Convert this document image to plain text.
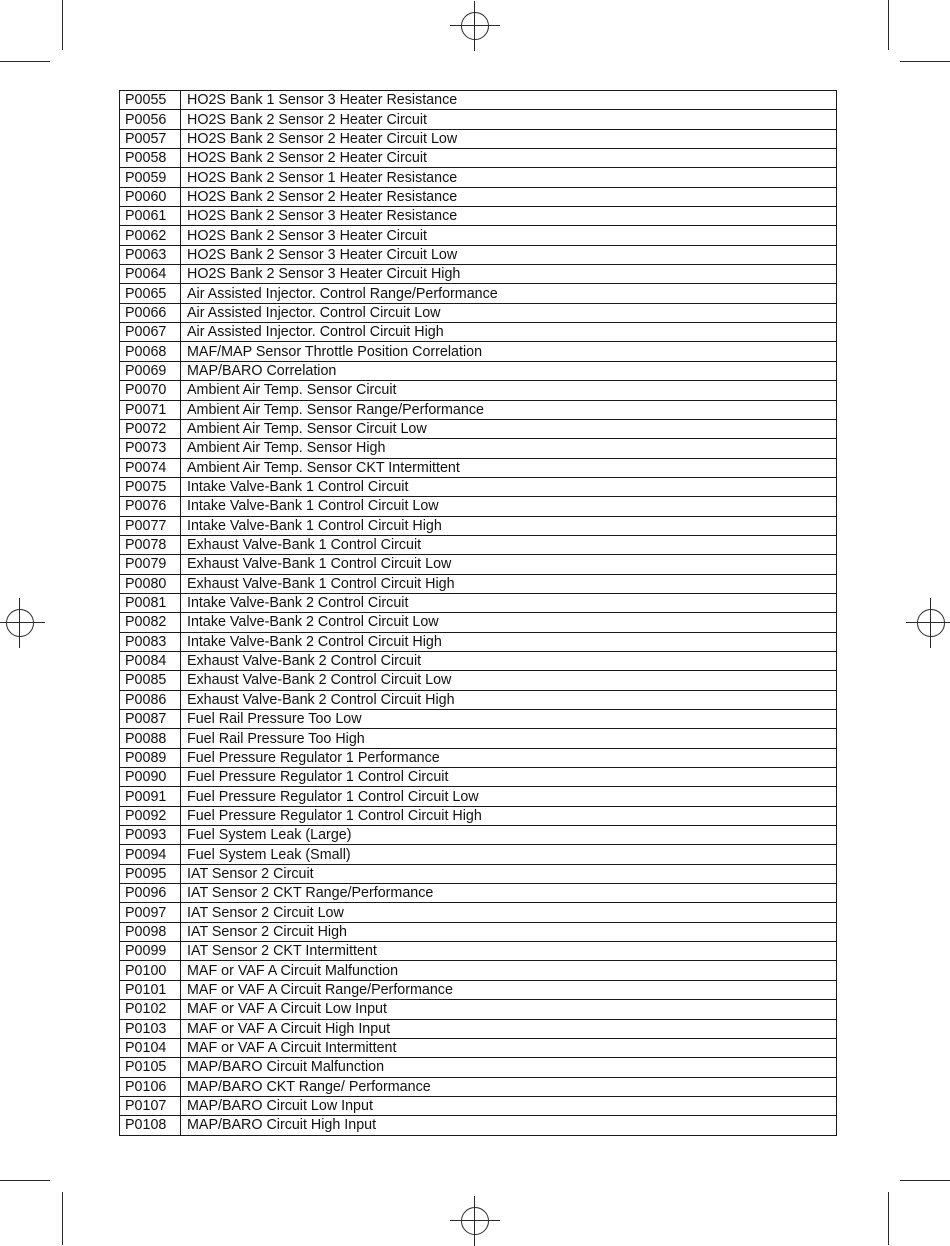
P0055	HO2S Bank 1 Sensor 3 Heater Resistance
P0056	HO2S Bank 2 Sensor 2 Heater Circuit
P0057	HO2S Bank 2 Sensor 2 Heater Circuit Low
P0058	HO2S Bank 2 Sensor 2 Heater Circuit
P0059	HO2S Bank 2 Sensor 1 Heater Resistance
P0060	HO2S Bank 2 Sensor 2 Heater Resistance
P0061	HO2S Bank 2 Sensor 3 Heater Resistance
P0062	HO2S Bank 2 Sensor 3 Heater Circuit
P0063	HO2S Bank 2 Sensor 3 Heater Circuit Low
P0064	HO2S Bank 2 Sensor 3 Heater Circuit High
P0065	Air Assisted Injector. Control Range/Performance
P0066	Air Assisted Injector. Control Circuit Low
P0067	Air Assisted Injector. Control Circuit High
P0068	MAF/MAP Sensor Throttle Position Correlation
P0069	MAP/BARO Correlation
P0070	Ambient Air Temp. Sensor Circuit
P0071	Ambient Air Temp. Sensor Range/Performance
P0072	Ambient Air Temp. Sensor Circuit Low
P0073	Ambient Air Temp. Sensor High
P0074	Ambient Air Temp. Sensor CKT Intermittent
P0075	Intake Valve-Bank 1 Control Circuit
P0076	Intake Valve-Bank 1 Control Circuit Low
P0077	Intake Valve-Bank 1 Control Circuit High
P0078	Exhaust Valve-Bank 1 Control Circuit
P0079	Exhaust Valve-Bank 1 Control Circuit Low
P0080	Exhaust Valve-Bank 1 Control Circuit High
P0081	Intake Valve-Bank 2 Control Circuit
P0082	Intake Valve-Bank 2 Control Circuit Low
P0083	Intake Valve-Bank 2 Control Circuit High
P0084	Exhaust Valve-Bank 2 Control Circuit
P0085	Exhaust Valve-Bank 2 Control Circuit Low
P0086	Exhaust Valve-Bank 2 Control Circuit High
P0087	Fuel Rail Pressure Too Low
P0088	Fuel Rail Pressure Too High
P0089	Fuel Pressure Regulator 1 Performance
P0090	Fuel Pressure Regulator 1 Control Circuit
P0091	Fuel Pressure Regulator 1 Control Circuit Low
P0092	Fuel Pressure Regulator 1 Control Circuit High
P0093	Fuel System Leak (Large)
P0094	Fuel System Leak (Small)
P0095	IAT Sensor 2 Circuit
P0096	IAT Sensor 2 CKT Range/Performance
P0097	IAT Sensor 2 Circuit Low
P0098	IAT Sensor 2 Circuit High
P0099	IAT Sensor 2 CKT Intermittent
P0100	MAF or VAF A Circuit Malfunction
P0101	MAF or VAF A Circuit Range/Performance
P0102	MAF or VAF A Circuit Low Input
P0103	MAF or VAF A Circuit High Input
P0104	MAF or VAF A Circuit Intermittent
P0105	MAP/BARO Circuit Malfunction
P0106	MAP/BARO CKT Range/ Performance
P0107	MAP/BARO Circuit Low Input
P0108	MAP/BARO Circuit High Input
